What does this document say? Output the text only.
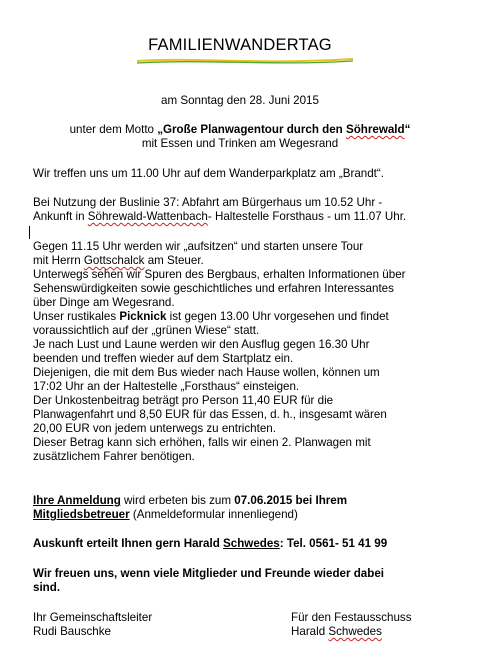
FAMILIENWANDERTAG
am Sonntag den 28. Juni 2015
unter dem Motto „Große Planwagentour durch den Söhrewald“
mit Essen und Trinken am Wegesrand
Wir treffen uns um 11.00 Uhr auf dem Wanderparkplatz am „Brandt“.
Bei Nutzung der Buslinie 37: Abfahrt am Bürgerhaus um 10.52 Uhr -
Ankunft in Söhrewald-Wattenbach- Haltestelle Forsthaus - um 11.07 Uhr.
Gegen 11.15 Uhr werden wir „aufsitzen“ und starten unsere Tour
mit Herrn Gottschalck am Steuer.
Unterwegs sehen wir Spuren des Bergbaus, erhalten Informationen über
Sehenswürdigkeiten sowie geschichtliches und erfahren Interessantes
über Dinge am Wegesrand.
Unser rustikales Picknick ist gegen 13.00 Uhr vorgesehen und findet
voraussichtlich auf der „grünen Wiese“ statt.
Je nach Lust und Laune werden wir den Ausflug gegen 16.30 Uhr
beenden und treffen wieder auf dem Startplatz ein.
Diejenigen, die mit dem Bus wieder nach Hause wollen, können um
17:02 Uhr an der Haltestelle „Forsthaus“ einsteigen.
Der Unkostenbeitrag beträgt pro Person 11,40 EUR für die
Planwagenfahrt und 8,50 EUR für das Essen, d. h., insgesamt wären
20,00 EUR von jedem unterwegs zu entrichten.
Dieser Betrag kann sich erhöhen, falls wir einen 2. Planwagen mit
zusätzlichem Fahrer benötigen.
Ihre Anmeldung wird erbeten bis zum 07.06.2015 bei Ihrem
Mitgliedsbetreuer (Anmeldeformular innenliegend)
Auskunft erteilt Ihnen gern Harald Schwedes: Tel. 0561- 51 41 99
Wir freuen uns, wenn viele Mitglieder und Freunde wieder dabei
sind.
Ihr Gemeinschaftsleiter
Rudi Bauschke
Für den Festausschuss
Harald Schwedes
